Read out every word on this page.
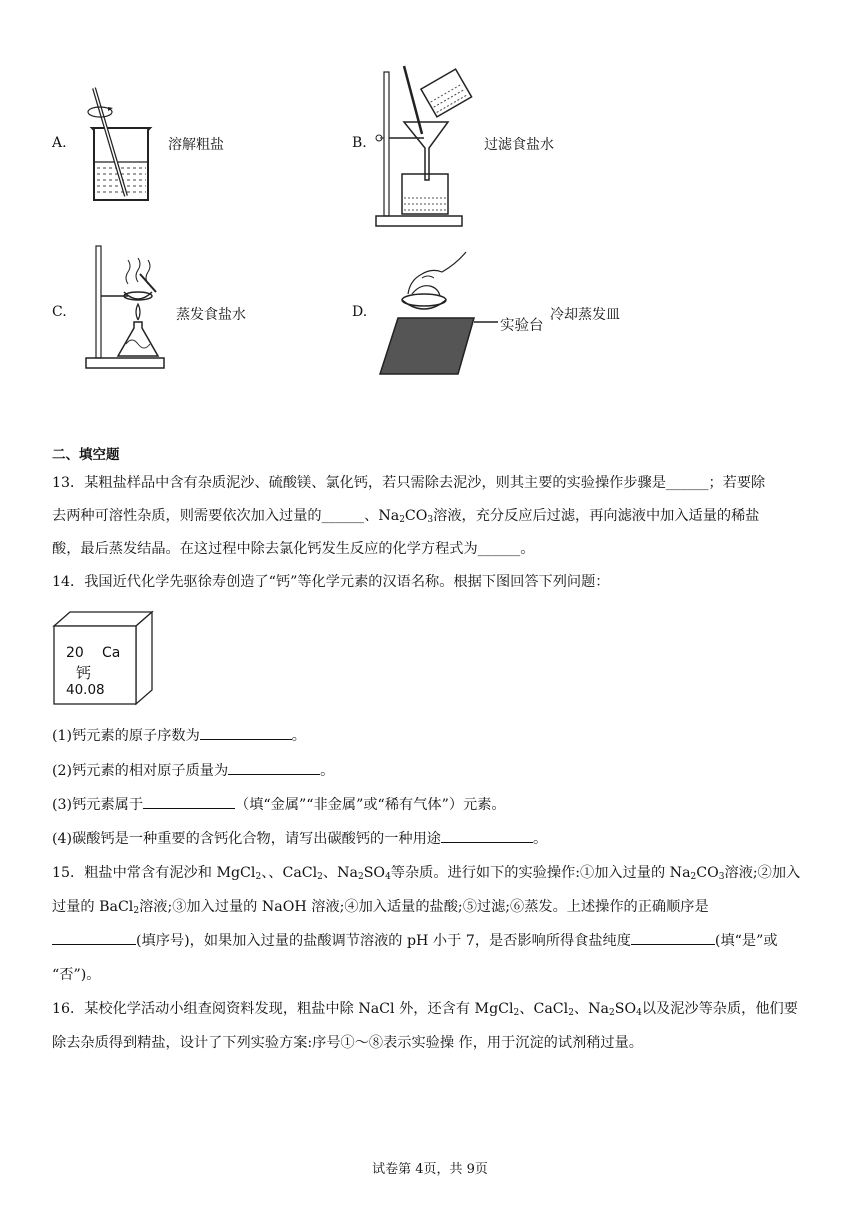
A.	溶解粗盐	B.	过滤食盐水
C.	蒸发食盐水	D.
实验台
冷却蒸发皿
二、填空题
13．某粗盐样品中含有杂质泥沙、硫酸镁、氯化钙，若只需除去泥沙，则其主要的实验操作步骤是______；若要除
去两种可溶性杂质，则需要依次加入过量的______、$Na_2CO_3$溶液，充分反应后过滤，再向滤液中加入适量的稀盐
酸，最后蒸发结晶。在这过程中除去氯化钙发生反应的化学方程式为______。
14．我国近代化学先驱徐寿创造了“钙”等化学元素的汉语名称。根据下图回答下列问题：
20 Ca
钙
40.08
(1)钙元素的原子序数为	。
(2)钙元素的相对原子质量为	。
(3)钙元素属于	（填“金属”“非金属”或“稀有气体”）元素。
(4)碳酸钙是一种重要的含钙化合物，请写出碳酸钙的一种用途	。
15．粗盐中常含有泥沙和 MgCl$_2$、、CaCl$_2$、$Na_2SO_4$等杂质。进行如下的实验操作:①加入过量的 $Na_2CO_3$溶液;②加入
过量的 BaCl$_2$溶液;③加入过量的 NaOH 溶液;④加入适量的盐酸;⑤过滤;⑥蒸发。上述操作的正确顺序是
(填序号)，如果加入过量的盐酸调节溶液的 pH 小于 7，是否影响所得食盐纯度	(填“是”或
“否”)。
16．某校化学活动小组查阅资料发现，粗盐中除 NaCl 外，还含有 MgCl$_2$、CaCl$_2$、$Na_2SO_4$以及泥沙等杂质，他们要
除去杂质得到精盐，设计了下列实验方案:序号①～⑧表示实验操 作，用于沉淀的试剂稍过量。
试卷第 4页，共 9页
